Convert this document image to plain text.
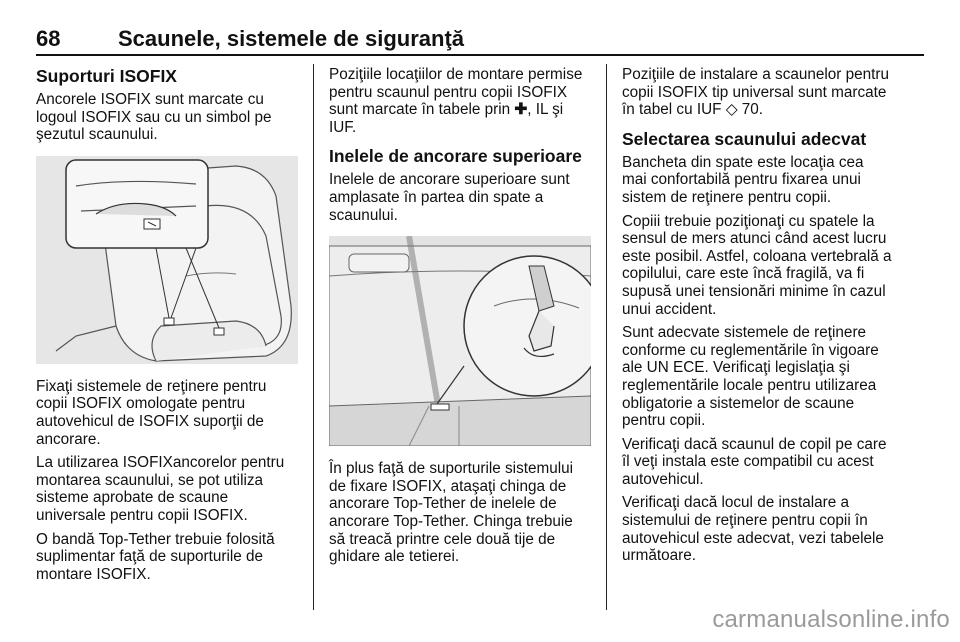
68	Scaunele, sistemele de siguranţă
Suporturi ISOFIX

Ancorele ISOFIX sunt marcate cu logoul ISOFIX sau cu un simbol pe şezutul scaunului.

Fixaţi sistemele de reţinere pentru copii ISOFIX omologate pentru autovehicul de ISOFIX suporţii de ancorare.

La utilizarea ISOFIXancorelor pentru montarea scaunului, se pot utiliza sisteme aprobate de scaune universale pentru copii ISOFIX.

O bandă Top-Tether trebuie folosită suplimentar faţă de suporturile de montare ISOFIX.

Poziţiile locaţiilor de montare permise pentru scaunul pentru copii ISOFIX sunt marcate în tabele prin ✚, IL şi IUF.

Inelele de ancorare superioare

Inelele de ancorare superioare sunt amplasate în partea din spate a scaunului.

În plus faţă de suporturile sistemului de fixare ISOFIX, ataşaţi chinga de ancorare Top-Tether de inelele de ancorare Top-Tether. Chinga trebuie să treacă printre cele două tije de ghidare ale tetierei.

Poziţiile de instalare a scaunelor pentru copii ISOFIX tip universal sunt marcate în tabel cu IUF ◇ 70.

Selectarea scaunului adecvat

Bancheta din spate este locaţia cea mai confortabilă pentru fixarea unui sistem de reţinere pentru copii.

Copiii trebuie poziţionaţi cu spatele la sensul de mers atunci când acest lucru este posibil. Astfel, coloana vertebrală a copilului, care este încă fragilă, va fi supusă unei tensionări minime în cazul unui accident.

Sunt adecvate sistemele de reţinere conforme cu reglementările în vigoare ale UN ECE. Verificaţi legislaţia şi reglementările locale pentru utilizarea obligatorie a sistemelor de scaune pentru copii.

Verificaţi dacă scaunul de copil pe care îl veţi instala este compatibil cu acest autovehicul.

Verificaţi dacă locul de instalare a sistemului de reţinere pentru copii în autovehicul este adecvat, vezi tabelele următoare.

carmanualsonline.info
